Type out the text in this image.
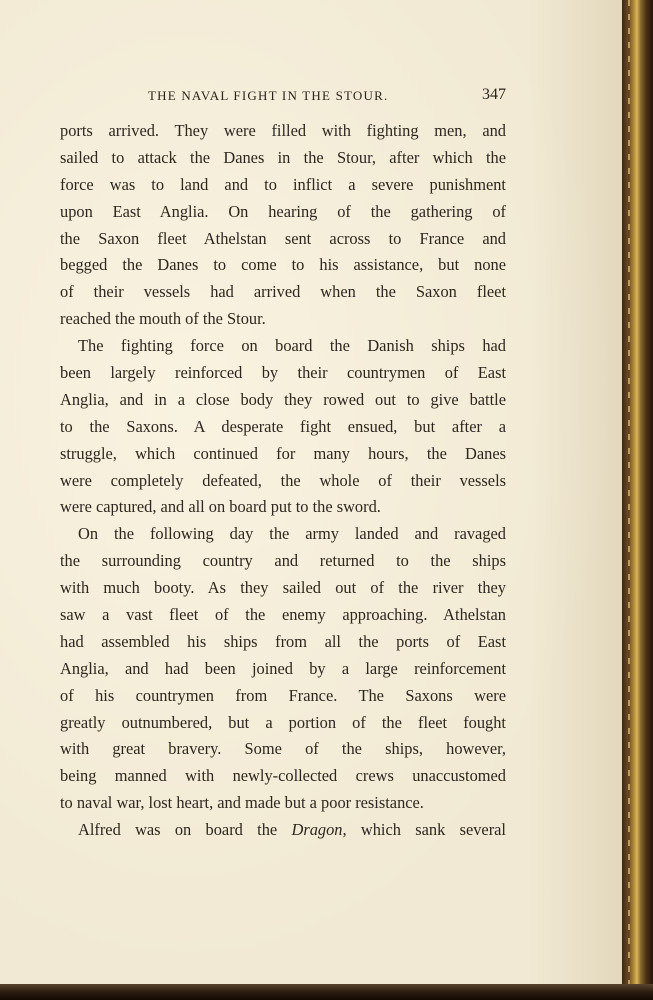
THE NAVAL FIGHT IN THE STOUR.	347
ports arrived. They were filled with fighting men, and
sailed to attack the Danes in the Stour, after which the
force was to land and to inflict a severe punishment
upon East Anglia. On hearing of the gathering of
the Saxon fleet Athelstan sent across to France and
begged the Danes to come to his assistance, but none
of their vessels had arrived when the Saxon fleet
reached the mouth of the Stour.
The fighting force on board the Danish ships had
been largely reinforced by their countrymen of East
Anglia, and in a close body they rowed out to give battle
to the Saxons. A desperate fight ensued, but after a
struggle, which continued for many hours, the Danes
were completely defeated, the whole of their vessels
were captured, and all on board put to the sword.
On the following day the army landed and ravaged
the surrounding country and returned to the ships
with much booty. As they sailed out of the river they
saw a vast fleet of the enemy approaching. Athelstan
had assembled his ships from all the ports of East
Anglia, and had been joined by a large reinforcement
of his countrymen from France. The Saxons were
greatly outnumbered, but a portion of the fleet fought
with great bravery. Some of the ships, however,
being manned with newly-collected crews unaccustomed
to naval war, lost heart, and made but a poor resistance.
Alfred was on board the Dragon, which sank several
